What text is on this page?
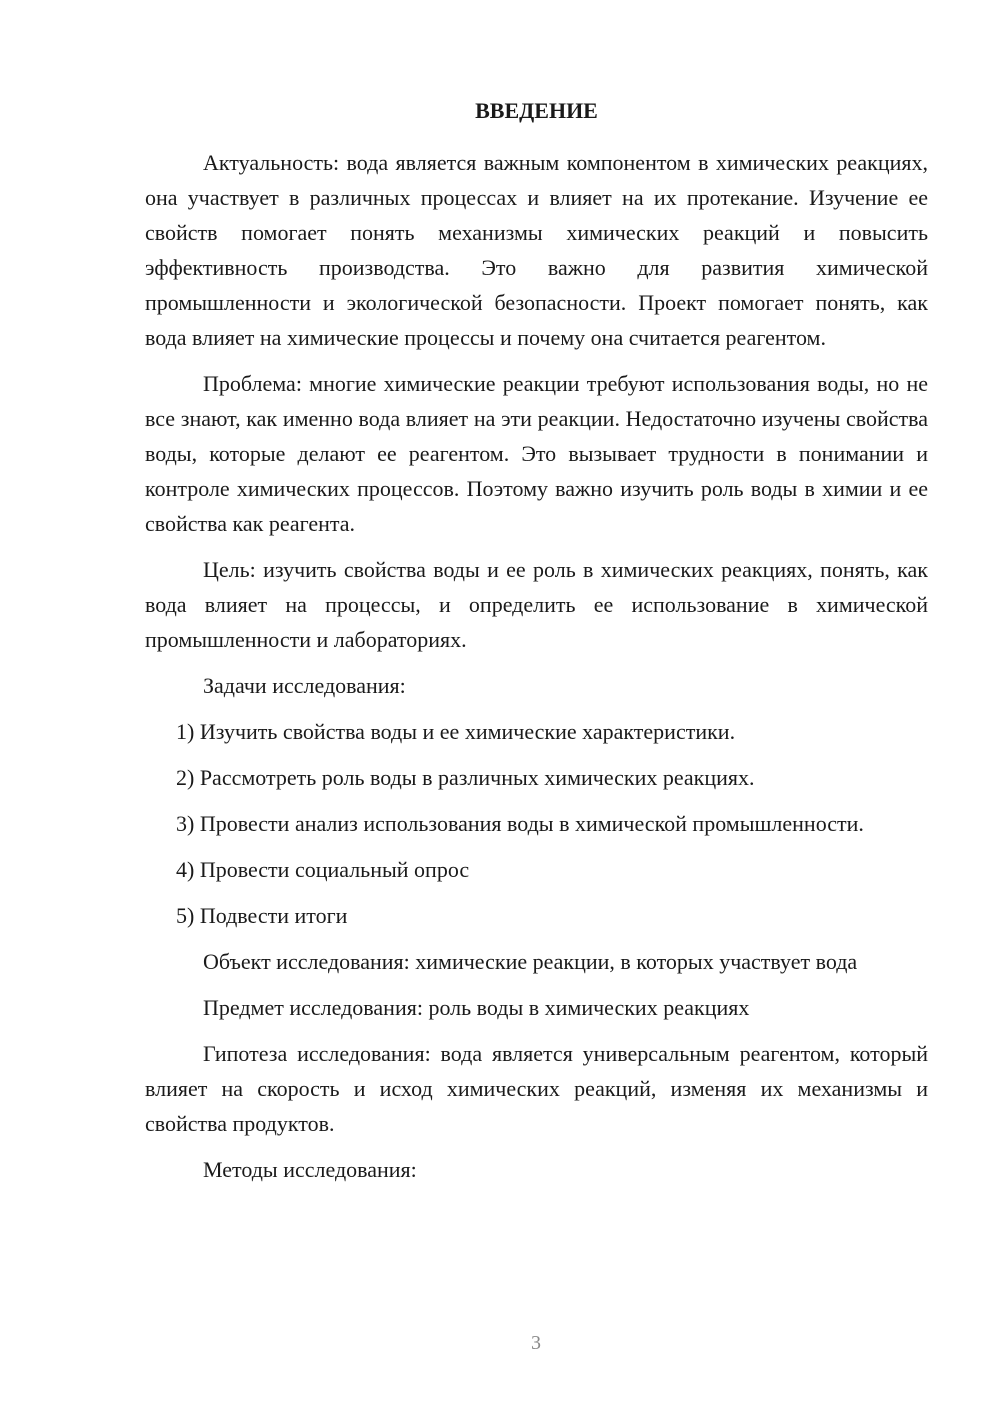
ВВЕДЕНИЕ

Актуальность: вода является важным компонентом в химических реакциях, она участвует в различных процессах и влияет на их протекание. Изучение ее свойств помогает понять механизмы химических реакций и повысить эффективность производства. Это важно для развития химической промышленности и экологической безопасности. Проект помогает понять, как вода влияет на химические процессы и почему она считается реагентом.

Проблема: многие химические реакции требуют использования воды, но не все знают, как именно вода влияет на эти реакции. Недостаточно изучены свойства воды, которые делают ее реагентом. Это вызывает трудности в понимании и контроле химических процессов. Поэтому важно изучить роль воды в химии и ее свойства как реагента.

Цель: изучить свойства воды и ее роль в химических реакциях, понять, как вода влияет на процессы, и определить ее использование в химической промышленности и лабораториях.

Задачи исследования:

1) Изучить свойства воды и ее химические характеристики.

2) Рассмотреть роль воды в различных химических реакциях.

3) Провести анализ использования воды в химической промышленности.

4) Провести социальный опрос

5) Подвести итоги

Объект исследования: химические реакции, в которых участвует вода

Предмет исследования: роль воды в химических реакциях

Гипотеза исследования: вода является универсальным реагентом, который влияет на скорость и исход химических реакций, изменяя их механизмы и свойства продуктов.

Методы исследования:

3
